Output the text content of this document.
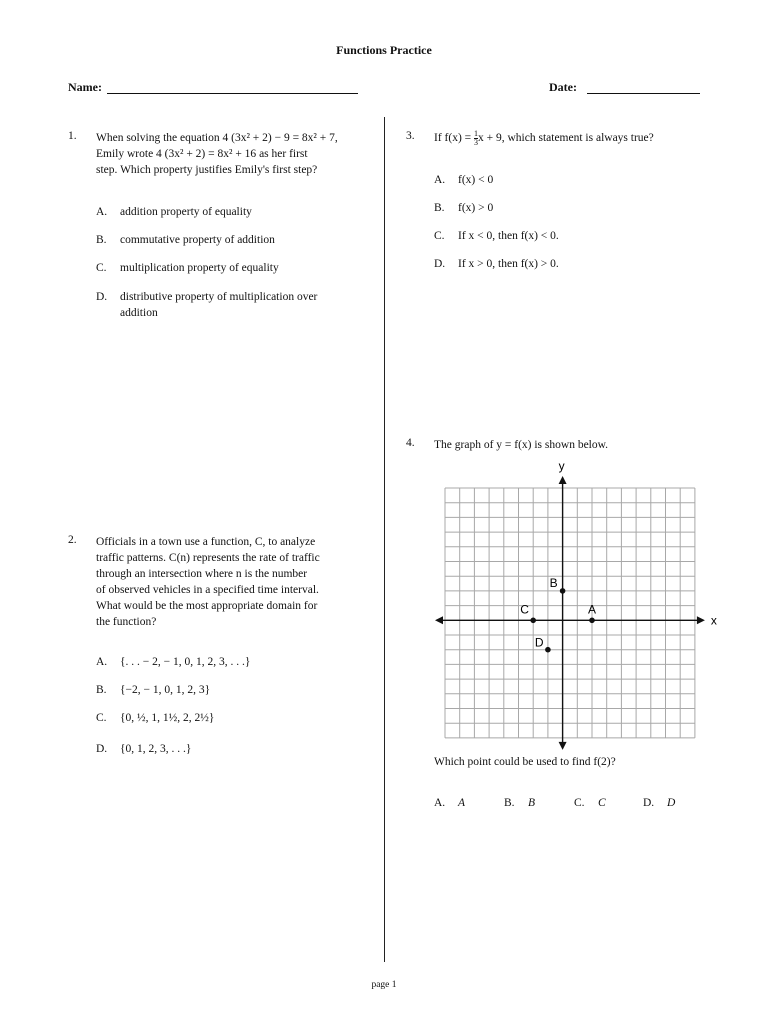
Functions Practice
Name:	Date:
1. When solving the equation 4 (3x² + 2) − 9 = 8x² + 7,
Emily wrote 4 (3x² + 2) = 8x² + 16 as her first
step. Which property justifies Emily's first step?
A. addition property of equality
B. commutative property of addition
C. multiplication property of equality
D. distributive property of multiplication over
addition
2. Officials in a town use a function, C, to analyze
traffic patterns. C(n) represents the rate of traffic
through an intersection where n is the number
of observed vehicles in a specified time interval.
What would be the most appropriate domain for
the function?
A. {. . . − 2, − 1, 0, 1, 2, 3, . . .}
B. {−2, − 1, 0, 1, 2, 3}
C. {0, ½, 1, 1½, 2, 2½}
D. {0, 1, 2, 3, . . .}
3. If $f(x) = \frac{1}{3}$ x + 9, which statement is always true?
A. f(x) < 0
B. f(x) > 0
C. If x < 0, then f(x) < 0.
D. If x > 0, then f(x) > 0.
4. The graph of y = f(x) is shown below.
x
y
A
B
C
D
Which point could be used to find f(2)?
A. A	B. B	C. C	D. D
page 1
